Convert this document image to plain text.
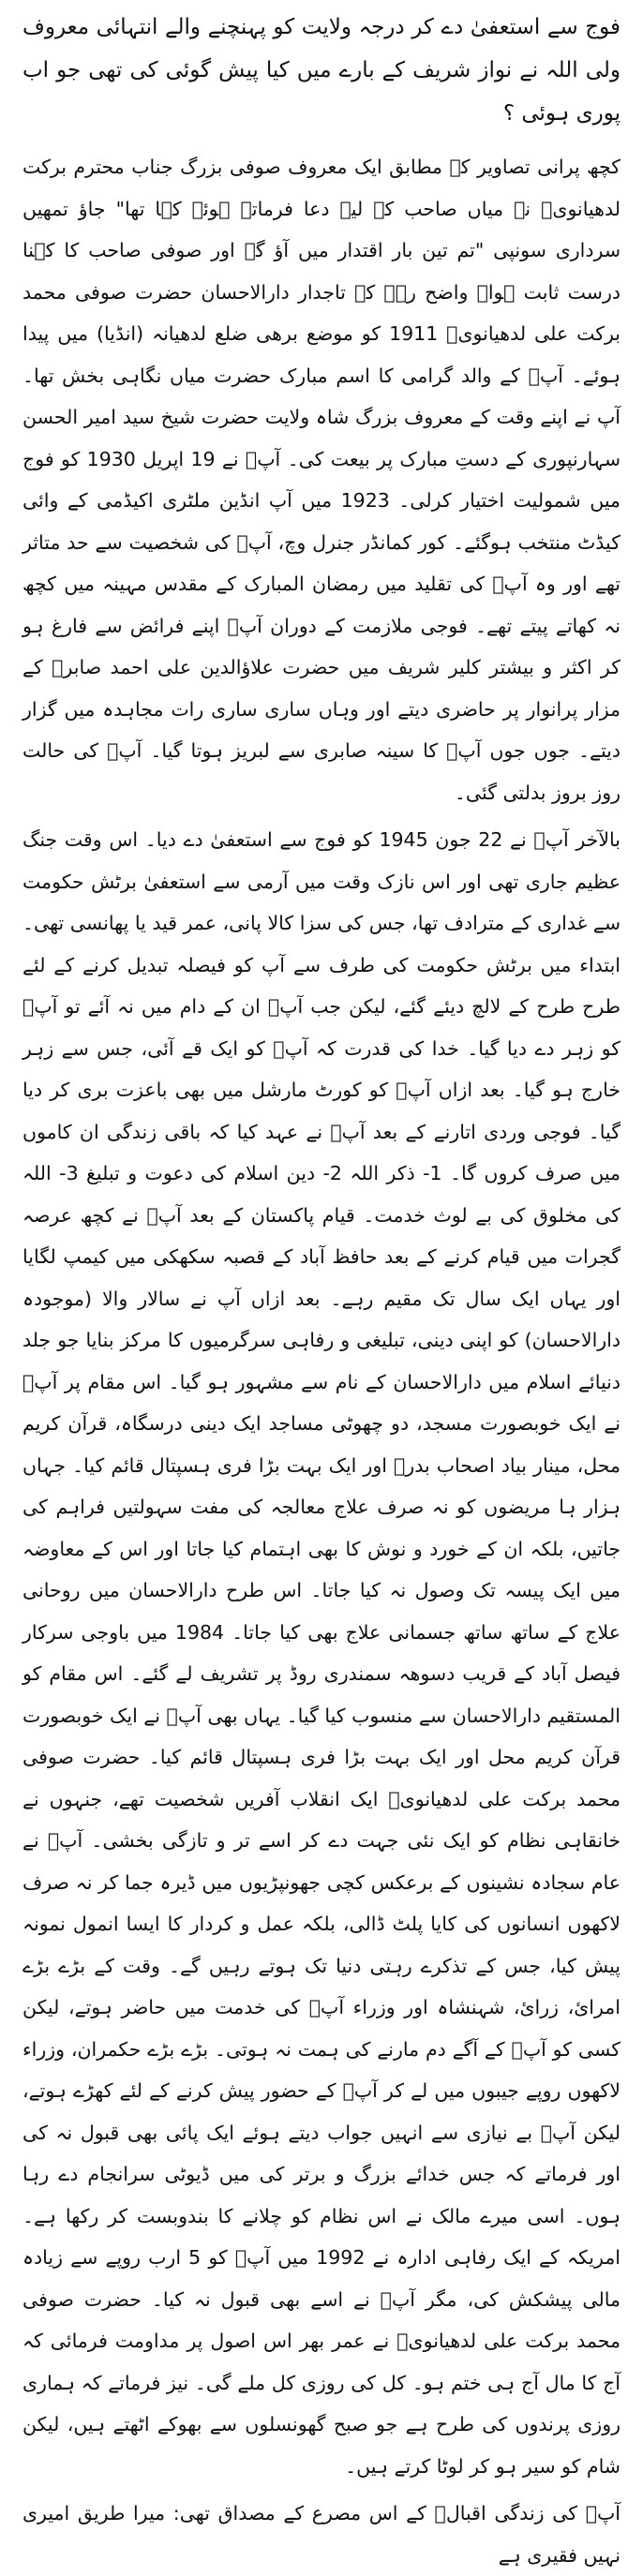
فوج سے استعفیٰ دے کر درجہ ولایت کو پہنچنے والے انتہائی معروف ولی اللہ نے نواز شریف کے بارے میں کیا پیش گوئی کی تھی جو اب پوری ہوئی ؟

کچھ پرانی تصاویر کے مطابق ایک معروف صوفی بزرگ جناب محترم برکت لدھیانویؒ نے میاں صاحب کے لیے دعا فرماتے ہوئے کہا تھا" جاؤ تمھیں سرداری سونپی "تم تین بار اقتدار میں آؤ گے اور صوفی صاحب کا کہنا درست ثابت ہوا۔ واضح رہے کہ تاجدار دارالاحسان حضرت صوفی محمد برکت علی لدھیانویؒ 1911 کو موضع برھی ضلع لدھیانہ (انڈیا) میں پیدا ہوئے۔ آپؒ کے والد گرامی کا اسم مبارک حضرت میاں نگاہی بخش تھا۔ آپ نے اپنے وقت کے معروف بزرگ شاہ ولایت حضرت شیخ سید امیر الحسن سہارنپوری کے دستِ مبارک پر بیعت کی۔ آپؒ نے 19 اپریل 1930 کو فوج میں شمولیت اختیار کرلی۔ 1923 میں آپ انڈین ملٹری اکیڈمی کے وائی کیڈٹ منتخب ہوگئے۔ کور کمانڈر جنرل وچ، آپؒ کی شخصیت سے حد متاثر تھے اور وہ آپؒ کی تقلید میں رمضان المبارک کے مقدس مہینہ میں کچھ نہ کھاتے پیتے تھے۔ فوجی ملازمت کے دوران آپؒ اپنے فرائض سے فارغ ہو کر اکثر و بیشتر کلیر شریف میں حضرت علاؤالدین علی احمد صابرؒ کے مزار پرانوار پر حاضری دیتے اور وہاں ساری ساری رات مجاہدہ میں گزار دیتے۔ جوں جوں آپؒ کا سینہ صابری سے لبریز ہوتا گیا۔ آپؒ کی حالت روز بروز بدلتی گئی۔

بالآخر آپؒ نے 22 جون 1945 کو فوج سے استعفیٰ دے دیا۔ اس وقت جنگ عظیم جاری تھی اور اس نازک وقت میں آرمی سے استعفیٰ برٹش حکومت سے غداری کے مترادف تھا، جس کی سزا کالا پانی، عمر قید یا پھانسی تھی۔ ابتداء میں برٹش حکومت کی طرف سے آپ کو فیصلہ تبدیل کرنے کے لئے طرح طرح کے لالچ دیئے گئے، لیکن جب آپؒ ان کے دام میں نہ آئے تو آپؒ کو زہر دے دیا گیا۔ خدا کی قدرت کہ آپؒ کو ایک قے آئی، جس سے زہر خارج ہو گیا۔ بعد ازاں آپؒ کو کورٹ مارشل میں بھی باعزت بری کر دیا گیا۔ فوجی وردی اتارنے کے بعد آپؒ نے عہد کیا کہ باقی زندگی ان کاموں میں صرف کروں گا۔ 1- ذکر اللہ 2- دین اسلام کی دعوت و تبلیغ 3- اللہ کی مخلوق کی بے لوث خدمت۔ قیام پاکستان کے بعد آپؒ نے کچھ عرصہ گجرات میں قیام کرنے کے بعد حافظ آباد کے قصبہ سکھکی میں کیمپ لگایا اور یہاں ایک سال تک مقیم رہے۔ بعد ازاں آپ نے سالار والا (موجودہ دارالاحسان) کو اپنی دینی، تبلیغی و رفاہی سرگرمیوں کا مرکز بنایا جو جلد دنیائے اسلام میں دارالاحسان کے نام سے مشہور ہو گیا۔ اس مقام پر آپؒ نے ایک خوبصورت مسجد، دو چھوٹی مساجد ایک دینی درسگاہ، قرآن کریم محل، مینار بیاد اصحاب بدرؓ اور ایک بہت بڑا فری ہسپتال قائم کیا۔ جہاں ہزار ہا مریضوں کو نہ صرف علاج معالجہ کی مفت سہولتیں فراہم کی جاتیں، بلکہ ان کے خورد و نوش کا بھی اہتمام کیا جاتا اور اس کے معاوضہ میں ایک پیسہ تک وصول نہ کیا جاتا۔ اس طرح دارالاحسان میں روحانی علاج کے ساتھ ساتھ جسمانی علاج بھی کیا جاتا۔ 1984 میں باوجی سرکار فیصل آباد کے قریب دسوھہ سمندری روڈ پر تشریف لے گئے۔ اس مقام کو المستقیم دارالاحسان سے منسوب کیا گیا۔ یہاں بھی آپؒ نے ایک خوبصورت قرآن کریم محل اور ایک بہت بڑا فری ہسپتال قائم کیا۔ حضرت صوفی محمد برکت علی لدھیانویؒ ایک انقلاب آفریں شخصیت تھے، جنہوں نے خانقاہی نظام کو ایک نئی جہت دے کر اسے تر و تازگی بخشی۔ آپؒ نے عام سجادہ نشینوں کے برعکس کچی جھونپڑیوں میں ڈیرہ جما کر نہ صرف لاکھوں انسانوں کی کایا پلٹ ڈالی، بلکہ عمل و کردار کا ایسا انمول نمونہ پیش کیا، جس کے تذکرے رہتی دنیا تک ہوتے رہیں گے۔ وقت کے بڑے بڑے امرائ، زرائ، شہنشاہ اور وزراء آپؒ کی خدمت میں حاضر ہوتے، لیکن کسی کو آپؒ کے آگے دم مارنے کی ہمت نہ ہوتی۔ بڑے بڑے حکمران، وزراء لاکھوں روپے جیبوں میں لے کر آپؒ کے حضور پیش کرنے کے لئے کھڑے ہوتے، لیکن آپؒ بے نیازی سے انہیں جواب دیتے ہوئے ایک پائی بھی قبول نہ کی اور فرماتے کہ جس خدائے بزرگ و برتر کی میں ڈیوٹی سرانجام دے رہا ہوں۔ اسی میرے مالک نے اس نظام کو چلانے کا بندوبست کر رکھا ہے۔ امریکہ کے ایک رفاہی ادارہ نے 1992 میں آپؒ کو 5 ارب روپے سے زیادہ مالی پیشکش کی، مگر آپؒ نے اسے بھی قبول نہ کیا۔ حضرت صوفی محمد برکت علی لدھیانویؒ نے عمر بھر اس اصول پر مداومت فرمائی کہ آج کا مال آج ہی ختم ہو۔ کل کی روزی کل ملے گی۔ نیز فرماتے کہ ہماری روزی پرندوں کی طرح ہے جو صبح گھونسلوں سے بھوکے اٹھتے ہیں، لیکن شام کو سیر ہو کر لوٹا کرتے ہیں۔

آپؒ کی زندگی اقبالؒ کے اس مصرع کے مصداق تھی: میرا طریق امیری نہیں فقیری ہے
